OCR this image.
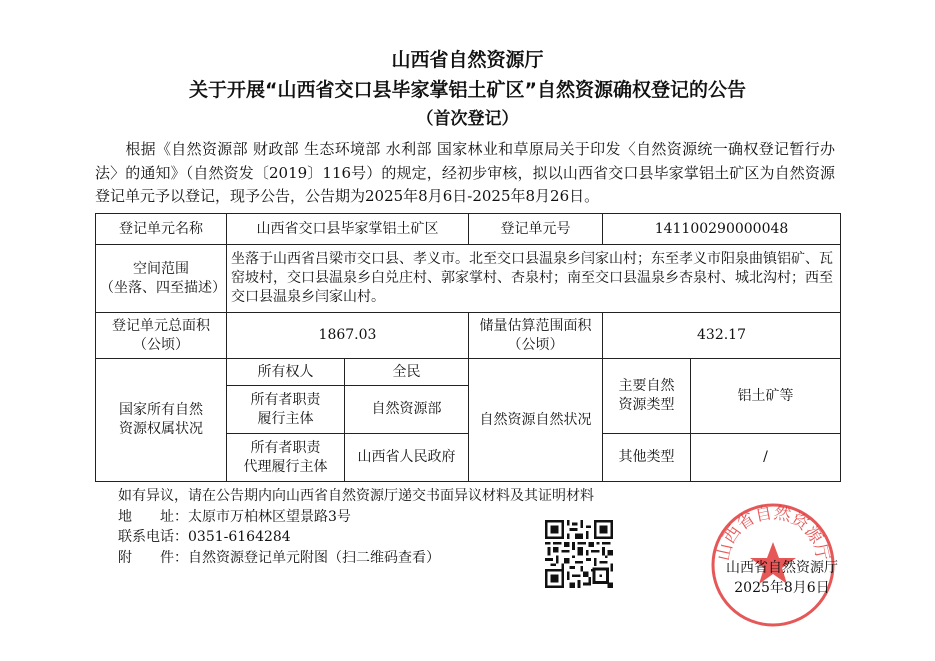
山西省自然资源厅
关于开展“山西省交口县毕家掌铝土矿区”自然资源确权登记的公告
（首次登记）
根据《自然资源部 财政部 生态环境部 水利部 国家林业和草原局关于印发〈自然资源统一确权登记暂行办法〉的通知》（自然资发〔2019〕116号）的规定，经初步审核，拟以山西省交口县毕家掌铝土矿区为自然资源登记单元予以登记，现予公告，公告期为2025年8月6日-2025年8月26日。
登记单元名称	山西省交口县毕家掌铝土矿区		登记单元号	141100290000048	
空间范围
（坐落、四至描述）	坐落于山西省吕梁市交口县、孝义市。北至交口县温泉乡闫家山村；东至孝义市阳泉曲镇铝矿、瓦窑坡村，交口县温泉乡白兑庄村、郭家掌村、杏泉村；南至交口县温泉乡杏泉村、城北沟村；西至交口县温泉乡闫家山村。				
登记单元总面积
（公顷）	1867.03		储量估算范围面积
（公顷）	432.17	
国家所有自然
资源权属状况	所有权人	全民	自然资源自然状况	主要自然
资源类型	铝土矿等
	所有者职责
履行主体	自然资源部			
	所有者职责
代理履行主体	山西省人民政府		其他类型	/
如有异议，请在公告期内向山西省自然资源厅递交书面异议材料及其证明材料
地　　址：太原市万柏林区望景路3号
联系电话：0351-6164284
附　　件：自然资源登记单元附图（扫二维码查看）	山西省自然资源厅
山西省自然资源厅
2025年8月6日
